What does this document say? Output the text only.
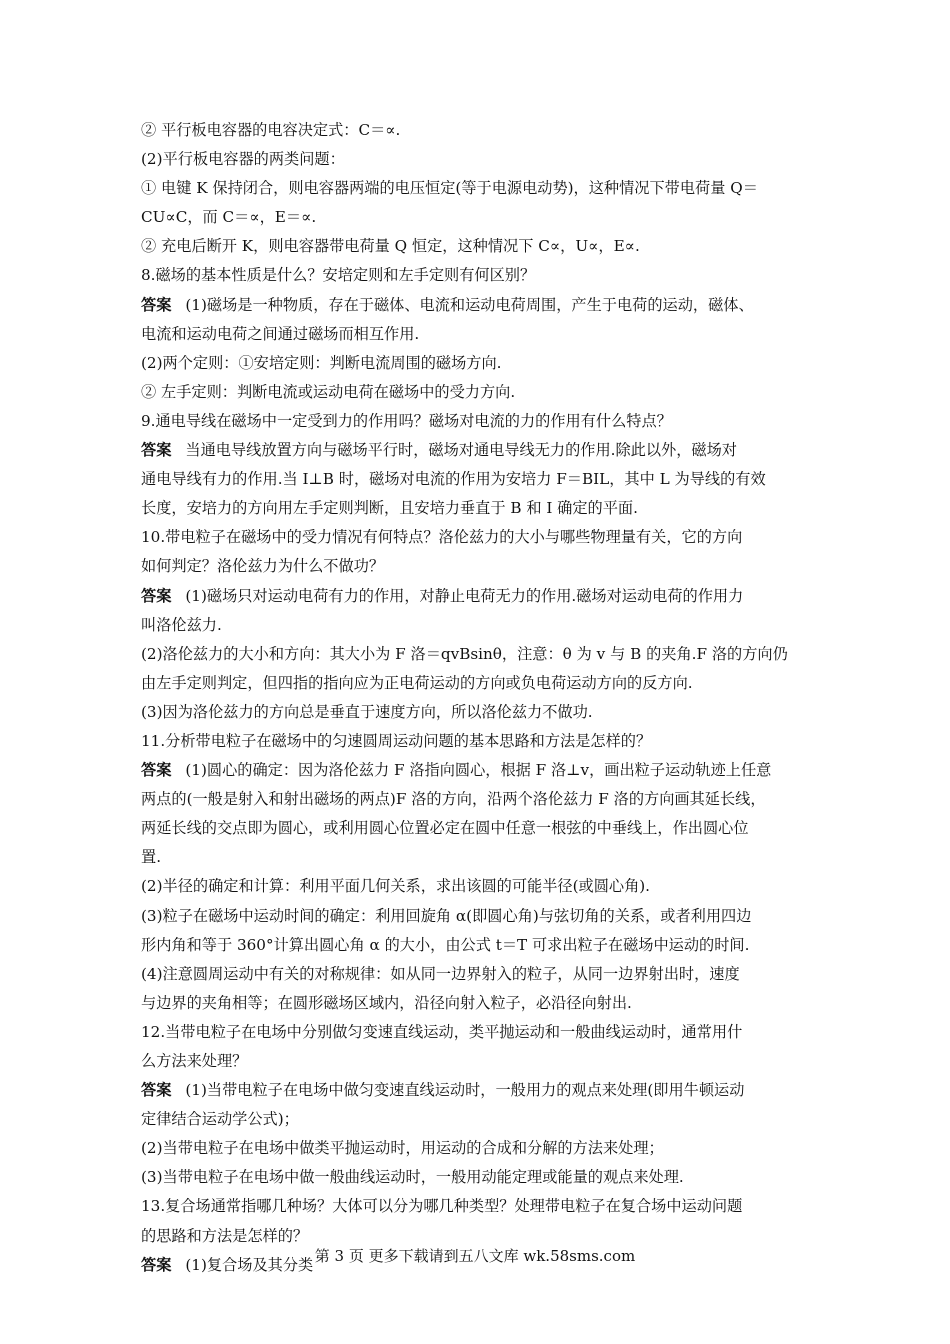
② 平行板电容器的电容决定式：C＝∝.
(2)平行板电容器的两类问题：
① 电键 K 保持闭合，则电容器两端的电压恒定(等于电源电动势)，这种情况下带电荷量 Q＝
CU∝C，而 C＝∝，E＝∝.
② 充电后断开 K，则电容器带电荷量 Q 恒定，这种情况下 C∝，U∝，E∝.
8.磁场的基本性质是什么？安培定则和左手定则有何区别？
答案 (1)磁场是一种物质，存在于磁体、电流和运动电荷周围，产生于电荷的运动，磁体、
电流和运动电荷之间通过磁场而相互作用.
(2)两个定则：①安培定则：判断电流周围的磁场方向.
② 左手定则：判断电流或运动电荷在磁场中的受力方向.
9.通电导线在磁场中一定受到力的作用吗？磁场对电流的力的作用有什么特点？
答案 当通电导线放置方向与磁场平行时，磁场对通电导线无力的作用.除此以外，磁场对
通电导线有力的作用.当 I⊥B 时，磁场对电流的作用为安培力 F＝BIL，其中 L 为导线的有效
长度，安培力的方向用左手定则判断，且安培力垂直于 B 和 I 确定的平面.
10.带电粒子在磁场中的受力情况有何特点？洛伦兹力的大小与哪些物理量有关，它的方向
如何判定？洛伦兹力为什么不做功？
答案 (1)磁场只对运动电荷有力的作用，对静止电荷无力的作用.磁场对运动电荷的作用力
叫洛伦兹力.
(2)洛伦兹力的大小和方向：其大小为 F 洛＝qvBsinθ，注意：θ 为 v 与 B 的夹角.F 洛的方向仍
由左手定则判定，但四指的指向应为正电荷运动的方向或负电荷运动方向的反方向.
(3)因为洛伦兹力的方向总是垂直于速度方向，所以洛伦兹力不做功.
11.分析带电粒子在磁场中的匀速圆周运动问题的基本思路和方法是怎样的？
答案 (1)圆心的确定：因为洛伦兹力 F 洛指向圆心，根据 F 洛⊥v，画出粒子运动轨迹上任意
两点的(一般是射入和射出磁场的两点)F 洛的方向，沿两个洛伦兹力 F 洛的方向画其延长线，
两延长线的交点即为圆心，或利用圆心位置必定在圆中任意一根弦的中垂线上，作出圆心位
置.
(2)半径的确定和计算：利用平面几何关系，求出该圆的可能半径(或圆心角).
(3)粒子在磁场中运动时间的确定：利用回旋角 α(即圆心角)与弦切角的关系，或者利用四边
形内角和等于 360°计算出圆心角 α 的大小，由公式 t＝T 可求出粒子在磁场中运动的时间.
(4)注意圆周运动中有关的对称规律：如从同一边界射入的粒子，从同一边界射出时，速度
与边界的夹角相等；在圆形磁场区域内，沿径向射入粒子，必沿径向射出.
12.当带电粒子在电场中分别做匀变速直线运动，类平抛运动和一般曲线运动时，通常用什
么方法来处理？
答案 (1)当带电粒子在电场中做匀变速直线运动时，一般用力的观点来处理(即用牛顿运动
定律结合运动学公式)；
(2)当带电粒子在电场中做类平抛运动时，用运动的合成和分解的方法来处理；
(3)当带电粒子在电场中做一般曲线运动时，一般用动能定理或能量的观点来处理.
13.复合场通常指哪几种场？大体可以分为哪几种类型？处理带电粒子在复合场中运动问题
的思路和方法是怎样的？
答案 (1)复合场及其分类 第 3 页 更多下载请到五八文库 wk.58sms.com
